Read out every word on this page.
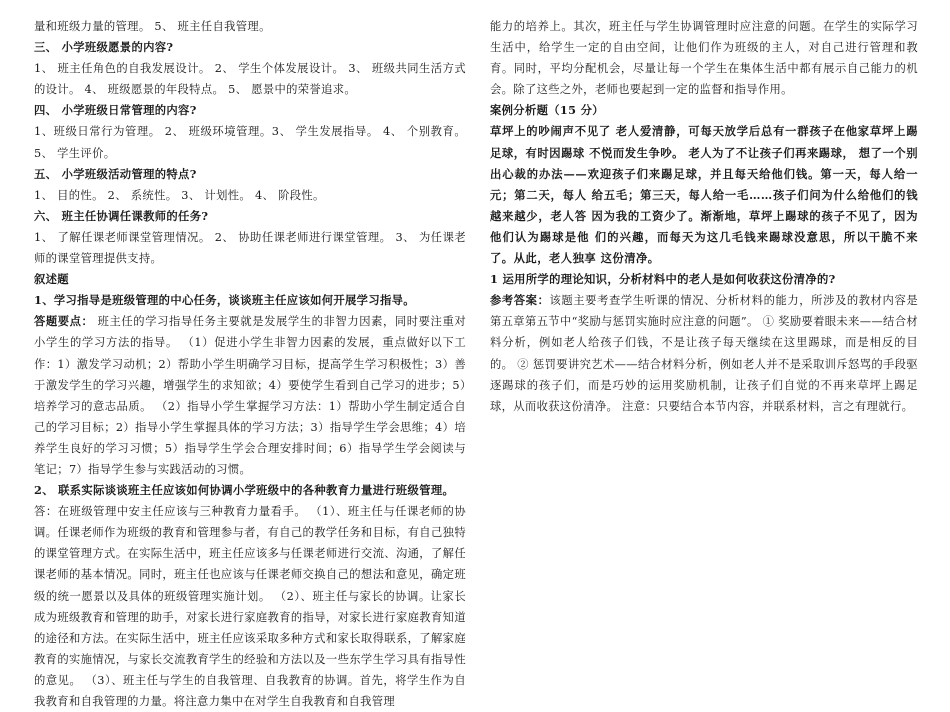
量和班级力量的管理。 5、 班主任自我管理。

三、 小学班级愿景的内容?

1、 班主任角色的自我发展设计。 2、 学生个体发展设计。 3、 班级共同生活方式的设计。 4、 班级愿景的年段特点。 5、 愿景中的荣誉追求。

四、 小学班级日常管理的内容?

1、班级日常行为管理。 2、 班级环境管理。3、 学生发展指导。 4、 个别教育。 5、 学生评价。

五、 小学班级活动管理的特点?

1、 目的性。 2、 系统性。 3、 计划性。 4、 阶段性。

六、 班主任协调任课教师的任务?

1、 了解任课老师课堂管理情况。 2、 协助任课老师进行课堂管理。 3、 为任课老师的课堂管理提供支持。

叙述题

1、学习指导是班级管理的中心任务，谈谈班主任应该如何开展学习指导。

答题要点： 班主任的学习指导任务主要就是发展学生的非智力因素，同时要注重对小学生的学习方法的指导。 （1）促进小学生非智力因素的发展，重点做好以下工作：1）激发学习动机；2）帮助小学生明确学习目标，提高学生学习积极性；3）善于激发学生的学习兴趣，增强学生的求知欲；4）要使学生看到自己学习的进步；5）培养学习的意志品质。 （2）指导小学生掌握学习方法：1）帮助小学生制定适合自己的学习目标；2）指导小学生掌握具体的学习方法；3）指导学生学会思维；4）培养学生良好的学习习惯；5）指导学生学会合理安排时间；6）指导学生学会阅读与笔记；7）指导学生参与实践活动的习惯。

2、 联系实际谈谈班主任应该如何协调小学班级中的各种教育力量进行班级管理。

答：在班级管理中安主任应该与三种教育力量看手。 （1）、班主任与任课老师的协调。任课老师作为班级的教育和管理参与者，有自己的教学任务和目标，有自己独特的课堂管理方式。在实际生活中，班主任应该多与任课老师进行交流、沟通，了解任课老师的基本情况。同时，班主任也应该与任课老师交换自己的想法和意见，确定班级的统一愿景以及具体的班级管理实施计划。 （2）、班主任与家长的协调。让家长成为班级教育和管理的助手，对家长进行家庭教育的指导，对家长进行家庭教育知道的途径和方法。在实际生活中，班主任应该采取多种方式和家长取得联系，了解家庭教育的实施情况，与家长交流教育学生的经验和方法以及一些东学生学习具有指导性的意见。 （3）、班主任与学生的自我管理、自我教育的协调。首先，将学生作为自我教育和自我管理的力量。将注意力集中在对学生自我教育和自我管理

能力的培养上。其次，班主任与学生协调管理时应注意的问题。在学生的实际学习生活中，给学生一定的自由空间，让他们作为班级的主人，对自己进行管理和教育。同时，平均分配机会，尽量让每一个学生在集体生活中都有展示自己能力的机会。除了这些之外，老师也要起到一定的监督和指导作用。

案例分析题（15 分）

草坪上的吵闹声不见了 老人爱清静，可每天放学后总有一群孩子在他家草坪上踢足球，有时因踢球 不悦而发生争吵。 老人为了不让孩子们再来踢球， 想了一个别出心裁的办法——欢迎孩子们来踢足球，并且每天给他们钱。第一天，每人给一元；第二天，每人 给五毛；第三天，每人给一毛……孩子们问为什么给他们的钱越来越少，老人答 因为我的工资少了。渐渐地，草坪上踢球的孩子不见了，因为他们认为踢球是他 们的兴趣，而每天为这几毛钱来踢球没意思，所以干脆不来了。从此，老人独享 这份清净。

1 运用所学的理论知识，分析材料中的老人是如何收获这份清净的?

参考答案：该题主要考查学生听课的情况、分析材料的能力，所涉及的教材内容是第五章第五节中“奖励与惩罚实施时应注意的问题”。 ① 奖励要着眼未来——结合材料分析，例如老人给孩子们钱，不是让孩子每天继续在这里踢球，而是相反的目的。 ② 惩罚要讲究艺术——结合材料分析，例如老人并不是采取训斥怒骂的手段驱逐踢球的孩子们，而是巧妙的运用奖励机制，让孩子们自觉的不再来草坪上踢足球，从而收获这份清净。 注意：只要结合本节内容，并联系材料，言之有理就行。
